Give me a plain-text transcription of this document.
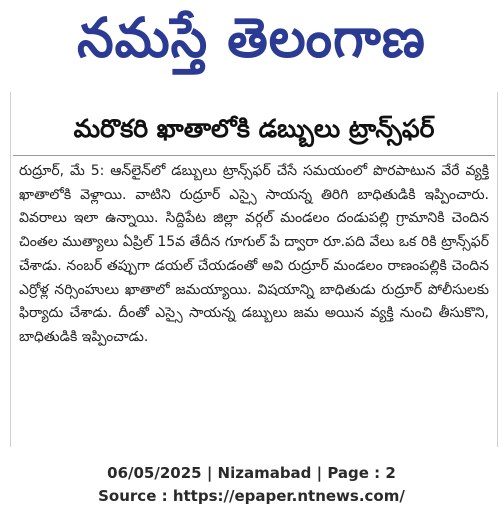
నమస్తే తెలంగాణ
మరొకరి ఖాతాలోకి డబ్బులు ట్రాన్స్‌ఫర్
రుద్రూర్, మే 5: ఆన్‌లైన్‌లో డబ్బులు ట్రాన్స్‌ఫర్ చేసే సమయంలో పొరపాటున వేరే వ్యక్తి ఖాతాలోకి వెళ్లాయి. వాటిని రుద్రూర్ ఎస్సై సాయన్న తిరిగి బాధితుడికి ఇప్పించారు. వివరాలు ఇలా ఉన్నాయి. సిద్దిపేట జిల్లా వర్గల్ మండలం దండుపల్లి గ్రామానికి చెందిన చింతల ముత్యాలు ఏప్రిల్ 15వ తేదీన గూగుల్ పే ద్వారా రూ.పది వేలు ఒక రికి ట్రాన్స్‌ఫర్ చేశాడు. నంబర్ తప్పుగా డయల్ చేయడంతో అవి రుద్రూర్ మండలం రాణంపల్లికి చెందిన ఎర్రోళ్ల నర్సింహులు ఖాతాలో జమయ్యాయి. విషయాన్ని బాధితుడు రుద్రూర్ పోలీసులకు ఫిర్యాదు చేశాడు. దీంతో ఎస్సై సాయన్న డబ్బులు జమ అయిన వ్యక్తి నుంచి తీసుకొని, బాధితుడికి ఇప్పించాడు.
06/05/2025 | Nizamabad | Page : 2
Source : https://epaper.ntnews.com/
